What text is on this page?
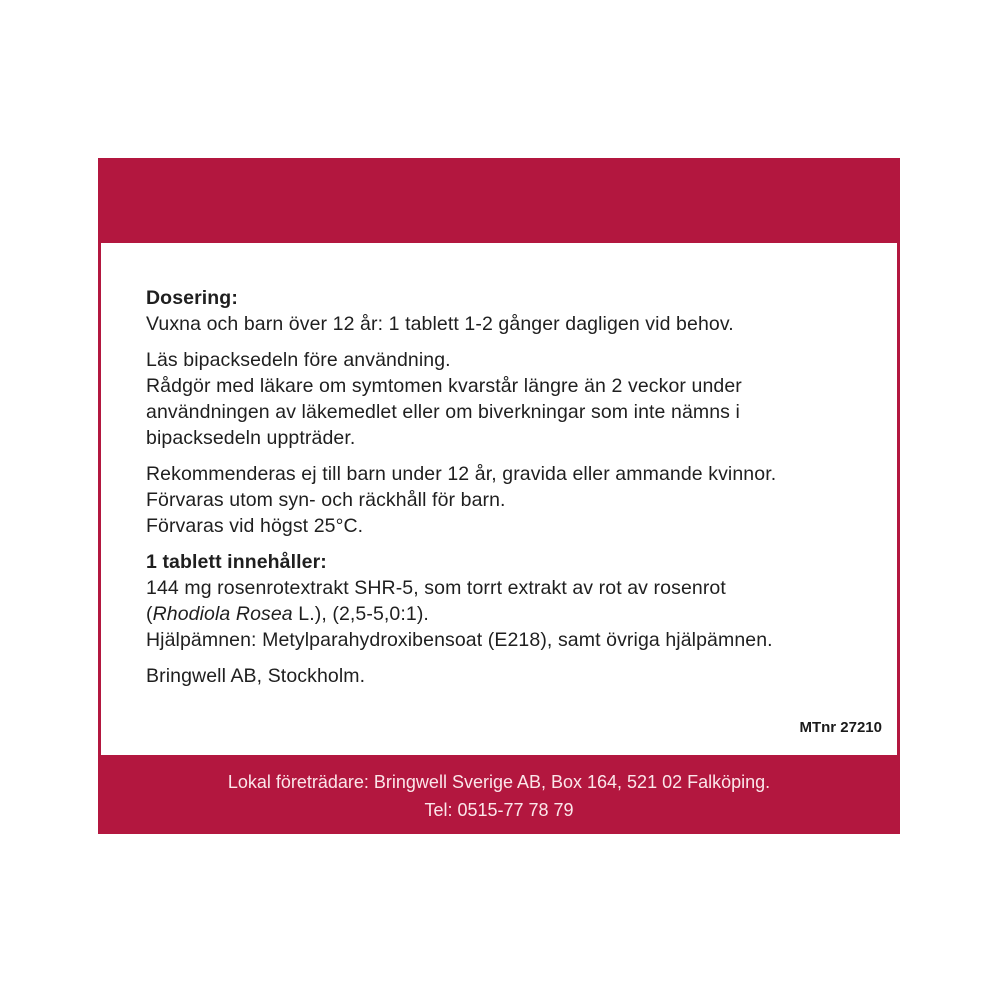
Dosering:

Vuxna och barn över 12 år: 1 tablett 1-2 gånger dagligen vid behov.

Läs bipacksedeln före användning.

Rådgör med läkare om symtomen kvarstår längre än 2 veckor under

användningen av läkemedlet eller om biverkningar som inte nämns i

bipacksedeln uppträder.

Rekommenderas ej till barn under 12 år, gravida eller ammande kvinnor.

Förvaras utom syn- och räckhåll för barn.

Förvaras vid högst 25°C.

1 tablett innehåller:

144 mg rosenrotextrakt SHR-5, som torrt extrakt av rot av rosenrot

(Rhodiola Rosea L.), (2,5-5,0:1).

Hjälpämnen: Metylparahydroxibensoat (E218), samt övriga hjälpämnen.

Bringwell AB, Stockholm.

MTnr 27210
Lokal företrädare: Bringwell Sverige AB, Box 164, 521 02 Falköping.
Tel: 0515-77 78 79
